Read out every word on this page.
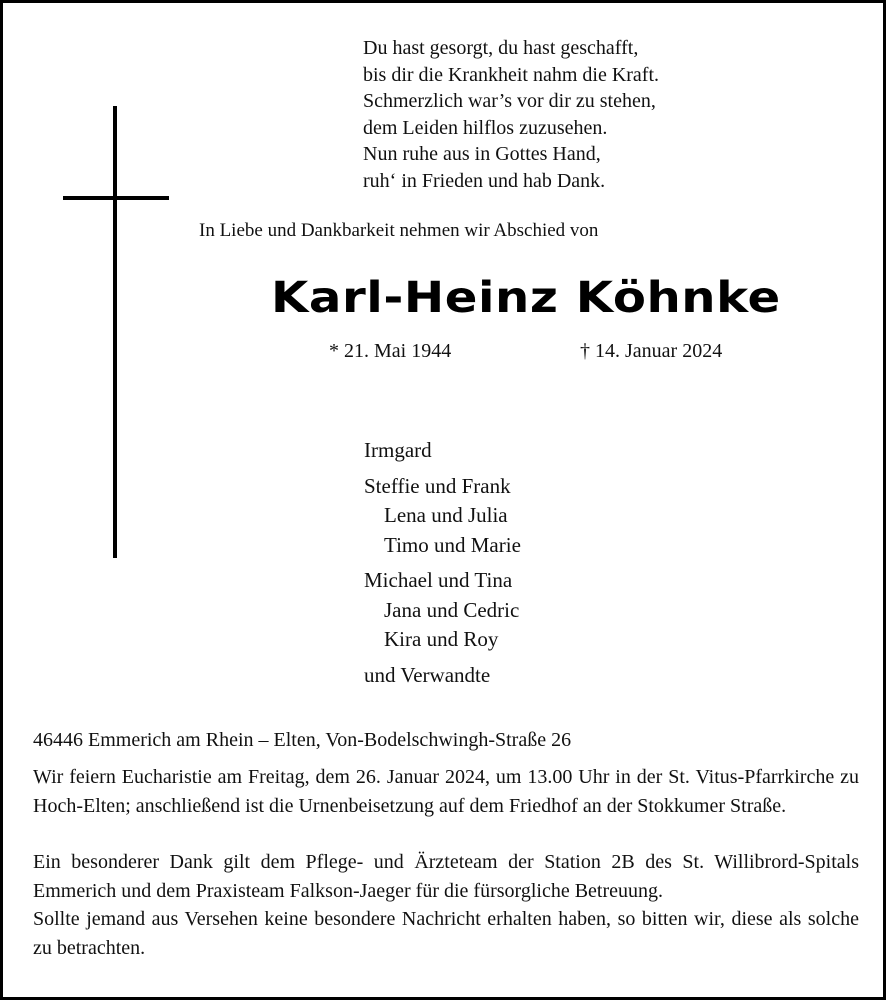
Du hast gesorgt, du hast geschafft,
bis dir die Krankheit nahm die Kraft.
Schmerzlich war’s vor dir zu stehen,
dem Leiden hilflos zuzusehen.
Nun ruhe aus in Gottes Hand,
ruh‘ in Frieden und hab Dank.
In Liebe und Dankbarkeit nehmen wir Abschied von
Karl-Heinz Köhnke
* 21. Mai 1944	† 14. Januar 2024
Irmgard
Steffie und Frank
Lena und Julia
Timo und Marie
Michael und Tina
Jana und Cedric
Kira und Roy
und Verwandte
46446 Emmerich am Rhein – Elten, Von-Bodelschwingh-Straße 26
Wir feiern Eucharistie am Freitag, dem 26. Januar 2024, um 13.00 Uhr in der St. Vitus-Pfarrkirche zu Hoch-Elten; anschließend ist die Urnenbeisetzung auf dem Friedhof an der Stokkumer Straße.
Ein besonderer Dank gilt dem Pflege- und Ärzteteam der Station 2B des St. Willibrord-Spitals Emmerich und dem Praxisteam Falkson-Jaeger für die fürsorgliche Betreuung.
Sollte jemand aus Versehen keine besondere Nachricht erhalten haben, so bitten wir, diese als solche zu betrachten.
